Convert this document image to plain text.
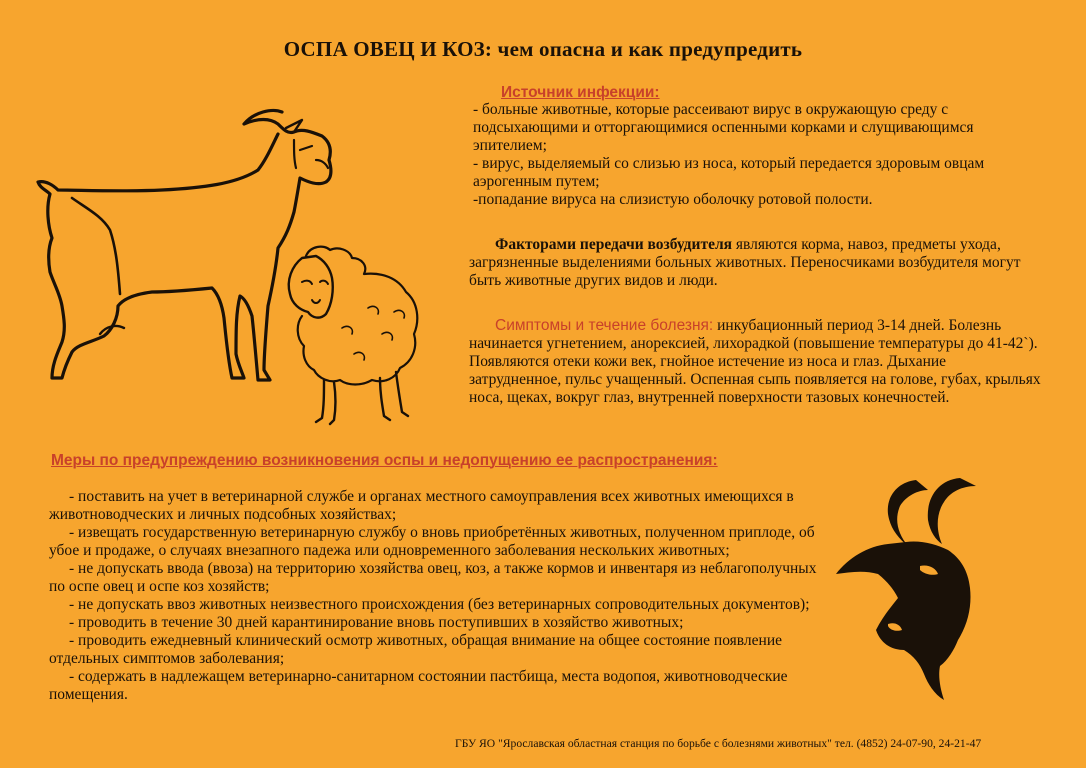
ОСПА ОВЕЦ И КОЗ: чем опасна и как предупредить
Источник инфекции:

- больные животные, которые рассеивают вирус в окружающую среду с подсыхающими и отторгающимися оспенными корками и слущивающимся эпителием;

- вирус, выделяемый со слизью из носа, который передается здоровым овцам аэрогенным путем;

-попадание вируса на слизистую оболочку ротовой полости.

Факторами передачи возбудителя являются корма, навоз, предметы ухода, загрязненные выделениями больных животных. Переносчиками возбудителя могут быть животные других видов и люди.
Симптомы и течение болезня: инкубационный период 3-14 дней. Болезнь начинается угнетением, анорексией, лихорадкой (повышение температуры до 41-42`). Появляются отеки кожи век, гнойное истечение из носа и глаз. Дыхание затрудненное, пульс учащенный. Оспенная сыпь появляется на голове, губах, крыльях носа, щеках, вокруг глаз, внутренней поверхности тазовых конечностей.
Меры по предупреждению возникновения оспы и недопущению ее распространения:

- поставить на учет в ветеринарной службе и органах местного самоуправления всех животных имеющихся в животноводческих и личных подсобных хозяйствах;

- извещать государственную ветеринарную службу о вновь приобретённых животных, полученном приплоде, об убое и продаже, о случаях внезапного падежа или одновременного заболевания нескольких животных;

- не допускать ввода (ввоза) на территорию хозяйства овец, коз, а также кормов и инвентаря из неблагополучных по оспе овец и оспе коз хозяйств;

- не допускать ввоз животных неизвестного происхождения (без ветеринарных сопроводительных документов);

- проводить в течение 30 дней карантинирование вновь поступивших в хозяйство животных;

- проводить ежедневный клинический осмотр животных, обращая внимание на общее состояние появление отдельных симптомов заболевания;

- содержать в надлежащем ветеринарно-санитарном состоянии пастбища, места водопоя, животноводческие помещения.

ГБУ ЯО "Ярославская областная станция по борьбе с болезнями животных" тел. (4852) 24-07-90, 24-21-47
